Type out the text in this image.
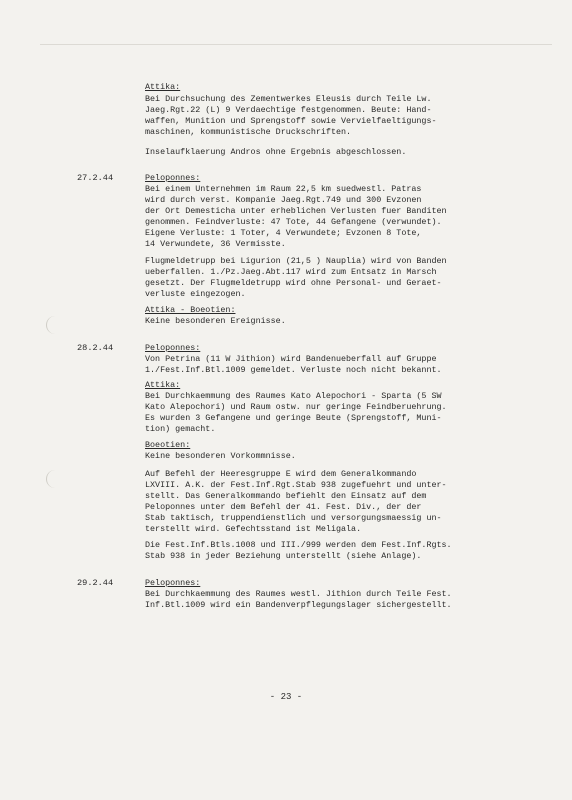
Attika:
Bei Durchsuchung des Zementwerkes Eleusis durch Teile Lw.
Jaeg.Rgt.22 (L) 9 Verdaechtige festgenommen. Beute: Hand-
waffen, Munition und Sprengstoff sowie Vervielfaeltigungs-
maschinen, kommunistische Druckschriften.
Inselaufklaerung Andros ohne Ergebnis abgeschlossen.
27.2.44	Peloponnes:
Bei einem Unternehmen im Raum 22,5 km suedwestl. Patras
wird durch verst. Kompanie Jaeg.Rgt.749 und 300 Evzonen
der Ort Demesticha unter erheblichen Verlusten fuer Banditen
genommen. Feindverluste: 47 Tote, 44 Gefangene (verwundet).
Eigene Verluste: 1 Toter, 4 Verwundete; Evzonen 8 Tote,
14 Verwundete, 36 Vermisste.
Flugmeldetrupp bei Ligurion (21,5 ) Nauplia) wird von Banden
ueberfallen. 1./Pz.Jaeg.Abt.117 wird zum Entsatz in Marsch
gesetzt. Der Flugmeldetrupp wird ohne Personal- und Geraet-
verluste eingezogen.
Attika - Boeotien:
Keine besonderen Ereignisse.
28.2.44	Peloponnes:
Von Petrina (11 W Jithion) wird Bandenueberfall auf Gruppe
1./Fest.Inf.Btl.1009 gemeldet. Verluste noch nicht bekannt.
Attika:
Bei Durchkaemmung des Raumes Kato Alepochori - Sparta (5 SW
Kato Alepochori) und Raum ostw. nur geringe Feindberuehrung.
Es wurden 3 Gefangene und geringe Beute (Sprengstoff, Muni-
tion) gemacht.
Boeotien:
Keine besonderen Vorkommnisse.
Auf Befehl der Heeresgruppe E wird dem Generalkommando
LXVIII. A.K. der Fest.Inf.Rgt.Stab 938 zugefuehrt und unter-
stellt. Das Generalkommando befiehlt den Einsatz auf dem
Peloponnes unter dem Befehl der 41. Fest. Div., der der
Stab taktisch, truppendienstlich und versorgungsmaessig un-
terstellt wird. Gefechtsstand ist Meligala.
Die Fest.Inf.Btls.1008 und III./999 werden dem Fest.Inf.Rgts.
Stab 938 in jeder Beziehung unterstellt (siehe Anlage).
29.2.44	Peloponnes:
Bei Durchkaemmung des Raumes westl. Jithion durch Teile Fest.
Inf.Btl.1009 wird ein Bandenverpflegungslager sichergestellt.
- 23 -
